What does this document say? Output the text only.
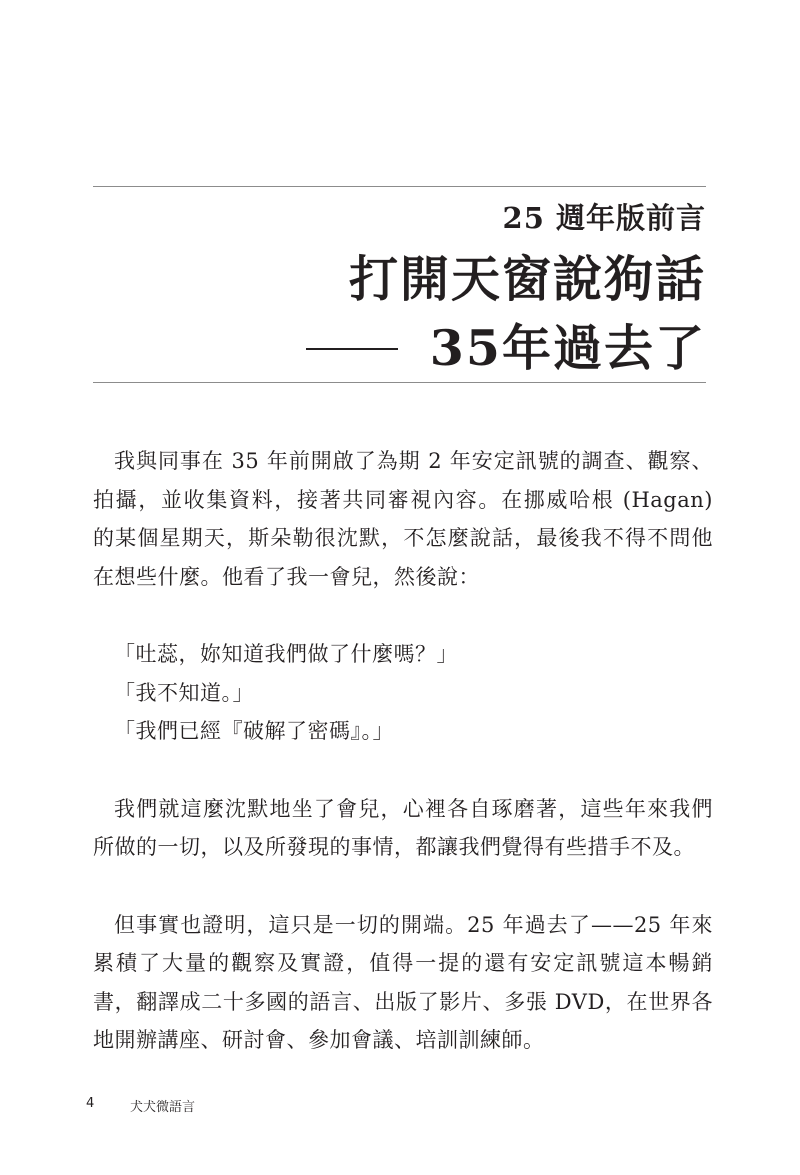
25 週年版前言
打開天窗說狗話
35年過去了

我與同事在 35 年前開啟了為期 2 年安定訊號的調查、觀察、拍攝，並收集資料，接著共同審視內容。在挪威哈根 (Hagan) 的某個星期天，斯朵勒很沈默，不怎麼說話，最後我不得不問他在想些什麼。他看了我一會兒，然後說：

「吐蕊，妳知道我們做了什麼嗎？」

「我不知道。」

「我們已經『破解了密碼』。」

我們就這麼沈默地坐了會兒，心裡各自琢磨著，這些年來我們所做的一切，以及所發現的事情，都讓我們覺得有些措手不及。

但事實也證明，這只是一切的開端。25 年過去了——25 年來累積了大量的觀察及實證，值得一提的還有安定訊號這本暢銷書，翻譯成二十多國的語言、出版了影片、多張 DVD，在世界各地開辦講座、研討會、參加會議、培訓訓練師。

4	犬犬微語言
